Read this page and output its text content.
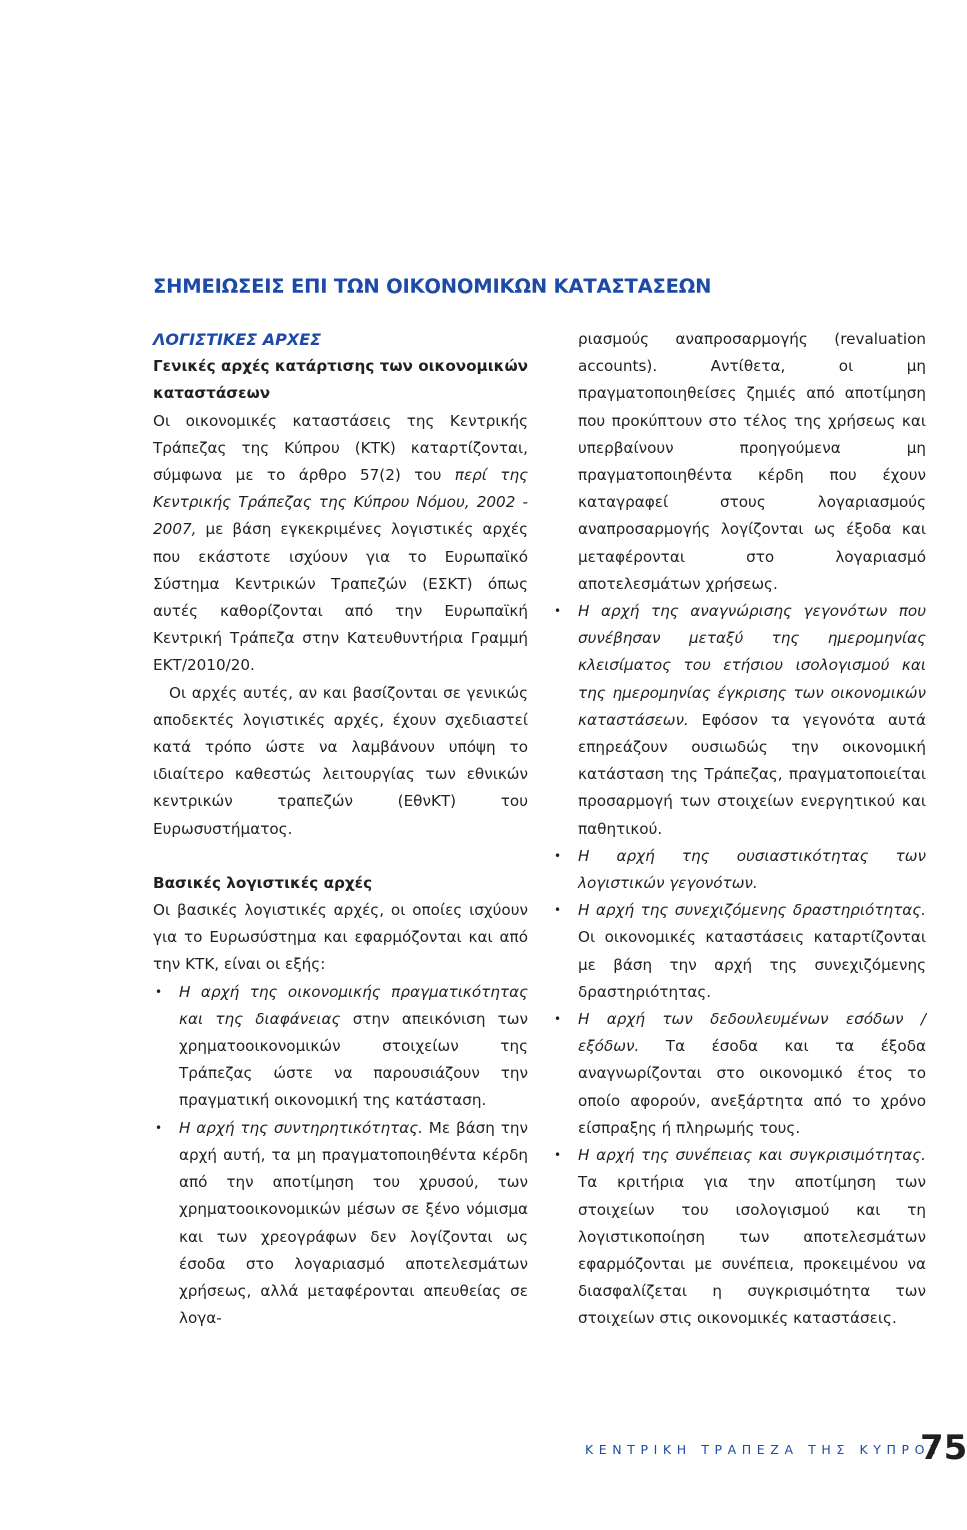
ΣΗΜΕΙΩΣΕΙΣ ΕΠΙ ΤΩΝ ΟΙΚΟΝΟΜΙΚΩΝ ΚΑΤΑΣΤΑΣΕΩΝ

ΛΟΓΙΣΤΙΚΕΣ ΑΡΧΕΣ

Γενικές αρχές κατάρτισης των οικονομικών καταστάσεων

Οι οικονομικές καταστάσεις της Κεντρικής Τράπεζας της Κύπρου (ΚΤΚ) καταρτίζονται, σύμφωνα με το άρθρο 57(2) του περί της Κεντρικής Τράπεζας της Κύπρου Νόμου, 2002 - 2007, με βάση εγκεκριμένες λογιστικές αρχές που εκάστοτε ισχύουν για το Ευρωπαϊκό Σύστημα Κεντρικών Τραπεζών (ΕΣΚΤ) όπως αυτές καθορίζονται από την Ευρωπαϊκή Κεντρική Τράπεζα στην Κατευθυντήρια Γραμμή ΕΚΤ/2010/20.

Οι αρχές αυτές, αν και βασίζονται σε γενικώς αποδεκτές λογιστικές αρχές, έχουν σχεδιαστεί κατά τρόπο ώστε να λαμβάνουν υπόψη το ιδιαίτερο καθεστώς λειτουργίας των εθνικών κεντρικών τραπεζών (ΕθνΚΤ) του Ευρωσυστήματος.

Βασικές λογιστικές αρχές

Οι βασικές λογιστικές αρχές, οι οποίες ισχύουν για το Ευρωσύστημα και εφαρμόζονται και από την ΚΤΚ, είναι οι εξής:

• Η αρχή της οικονομικής πραγματικότητας και της διαφάνειας στην απεικόνιση των χρηματοοικονομικών στοιχείων της Τράπεζας ώστε να παρουσιάζουν την πραγματική οικονομική της κατάσταση.
• Η αρχή της συντηρητικότητας. Με βάση την αρχή αυτή, τα μη πραγματοποιηθέντα κέρδη από την αποτίμηση του χρυσού, των χρηματοοικονομικών μέσων σε ξένο νόμισμα και των χρεογράφων δεν λογίζονται ως έσοδα στο λογαριασμό αποτελεσμάτων χρήσεως, αλλά μεταφέρονται απευθείας σε λογα-

ριασμούς αναπροσαρμογής (revaluation accounts). Αντίθετα, οι μη πραγματοποιηθείσες ζημιές από αποτίμηση που προκύπτουν στο τέλος της χρήσεως και υπερβαίνουν προηγούμενα μη πραγματοποιηθέντα κέρδη που έχουν καταγραφεί στους λογαριασμούς αναπροσαρμογής λογίζονται ως έξοδα και μεταφέρονται στο λογαριασμό αποτελεσμάτων χρήσεως.

• Η αρχή της αναγνώρισης γεγονότων που συνέβησαν μεταξύ της ημερομηνίας κλεισίματος του ετήσιου ισολογισμού και της ημερομηνίας έγκρισης των οικονομικών καταστάσεων. Εφόσον τα γεγονότα αυτά επηρεάζουν ουσιωδώς την οικονομική κατάσταση της Τράπεζας, πραγματοποιείται προσαρμογή των στοιχείων ενεργητικού και παθητικού.
• Η αρχή της ουσιαστικότητας των λογιστικών γεγονότων.
• Η αρχή της συνεχιζόμενης δραστηριότητας. Οι οικονομικές καταστάσεις καταρτίζονται με βάση την αρχή της συνεχιζόμενης δραστηριότητας.
• Η αρχή των δεδουλευμένων εσόδων / εξόδων. Τα έσοδα και τα έξοδα αναγνωρίζονται στο οικονομικό έτος το οποίο αφορούν, ανεξάρτητα από το χρόνο είσπραξης ή πληρωμής τους.
• Η αρχή της συνέπειας και συγκρισιμότητας. Τα κριτήρια για την αποτίμηση των στοιχείων του ισολογισμού και τη λογιστικοποίηση των αποτελεσμάτων εφαρμόζονται με συνέπεια, προκειμένου να διασφαλίζεται η συγκρισιμότητα των στοιχείων στις οικονομικές καταστάσεις.
ΚΕΝΤΡΙΚΗ ΤΡΑΠΕΖΑ ΤΗΣ ΚΥΠΡΟΥ
75
